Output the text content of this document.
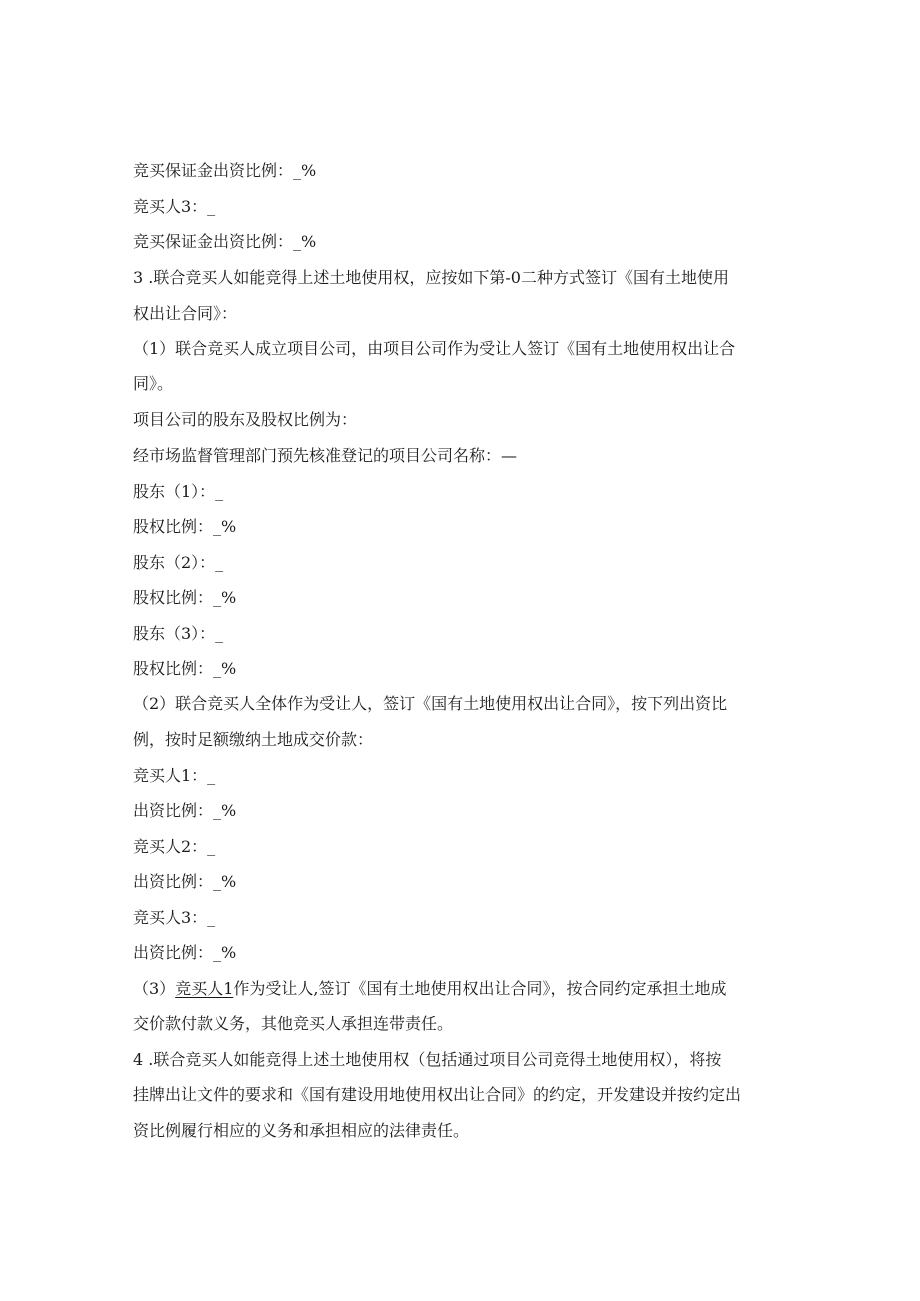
竞买保证金出资比例：_%
竞买人3：_
竞买保证金出资比例：_%
3 .联合竞买人如能竞得上述土地使用权，应按如下第-0二种方式签订《国有土地使用
权出让合同》：
（1）联合竞买人成立项目公司，由项目公司作为受让人签订《国有土地使用权出让合
同》。
项目公司的股东及股权比例为：
经市场监督管理部门预先核准登记的项目公司名称：—
股东（1）：_
股权比例：_%
股东（2）：_
股权比例：_%
股东（3）：_
股权比例：_%
（2）联合竞买人全体作为受让人，签订《国有土地使用权出让合同》，按下列出资比
例，按时足额缴纳土地成交价款：
竞买人1：_
出资比例：_%
竞买人2：_
出资比例：_%
竞买人3：_
出资比例：_%
（3）竞买人1作为受让人,签订《国有土地使用权出让合同》，按合同约定承担土地成
交价款付款义务，其他竞买人承担连带责任。
4 .联合竞买人如能竞得上述土地使用权（包括通过项目公司竞得土地使用权），将按
挂牌出让文件的要求和《国有建设用地使用权出让合同》的约定，开发建设并按约定出
资比例履行相应的义务和承担相应的法律责任。
